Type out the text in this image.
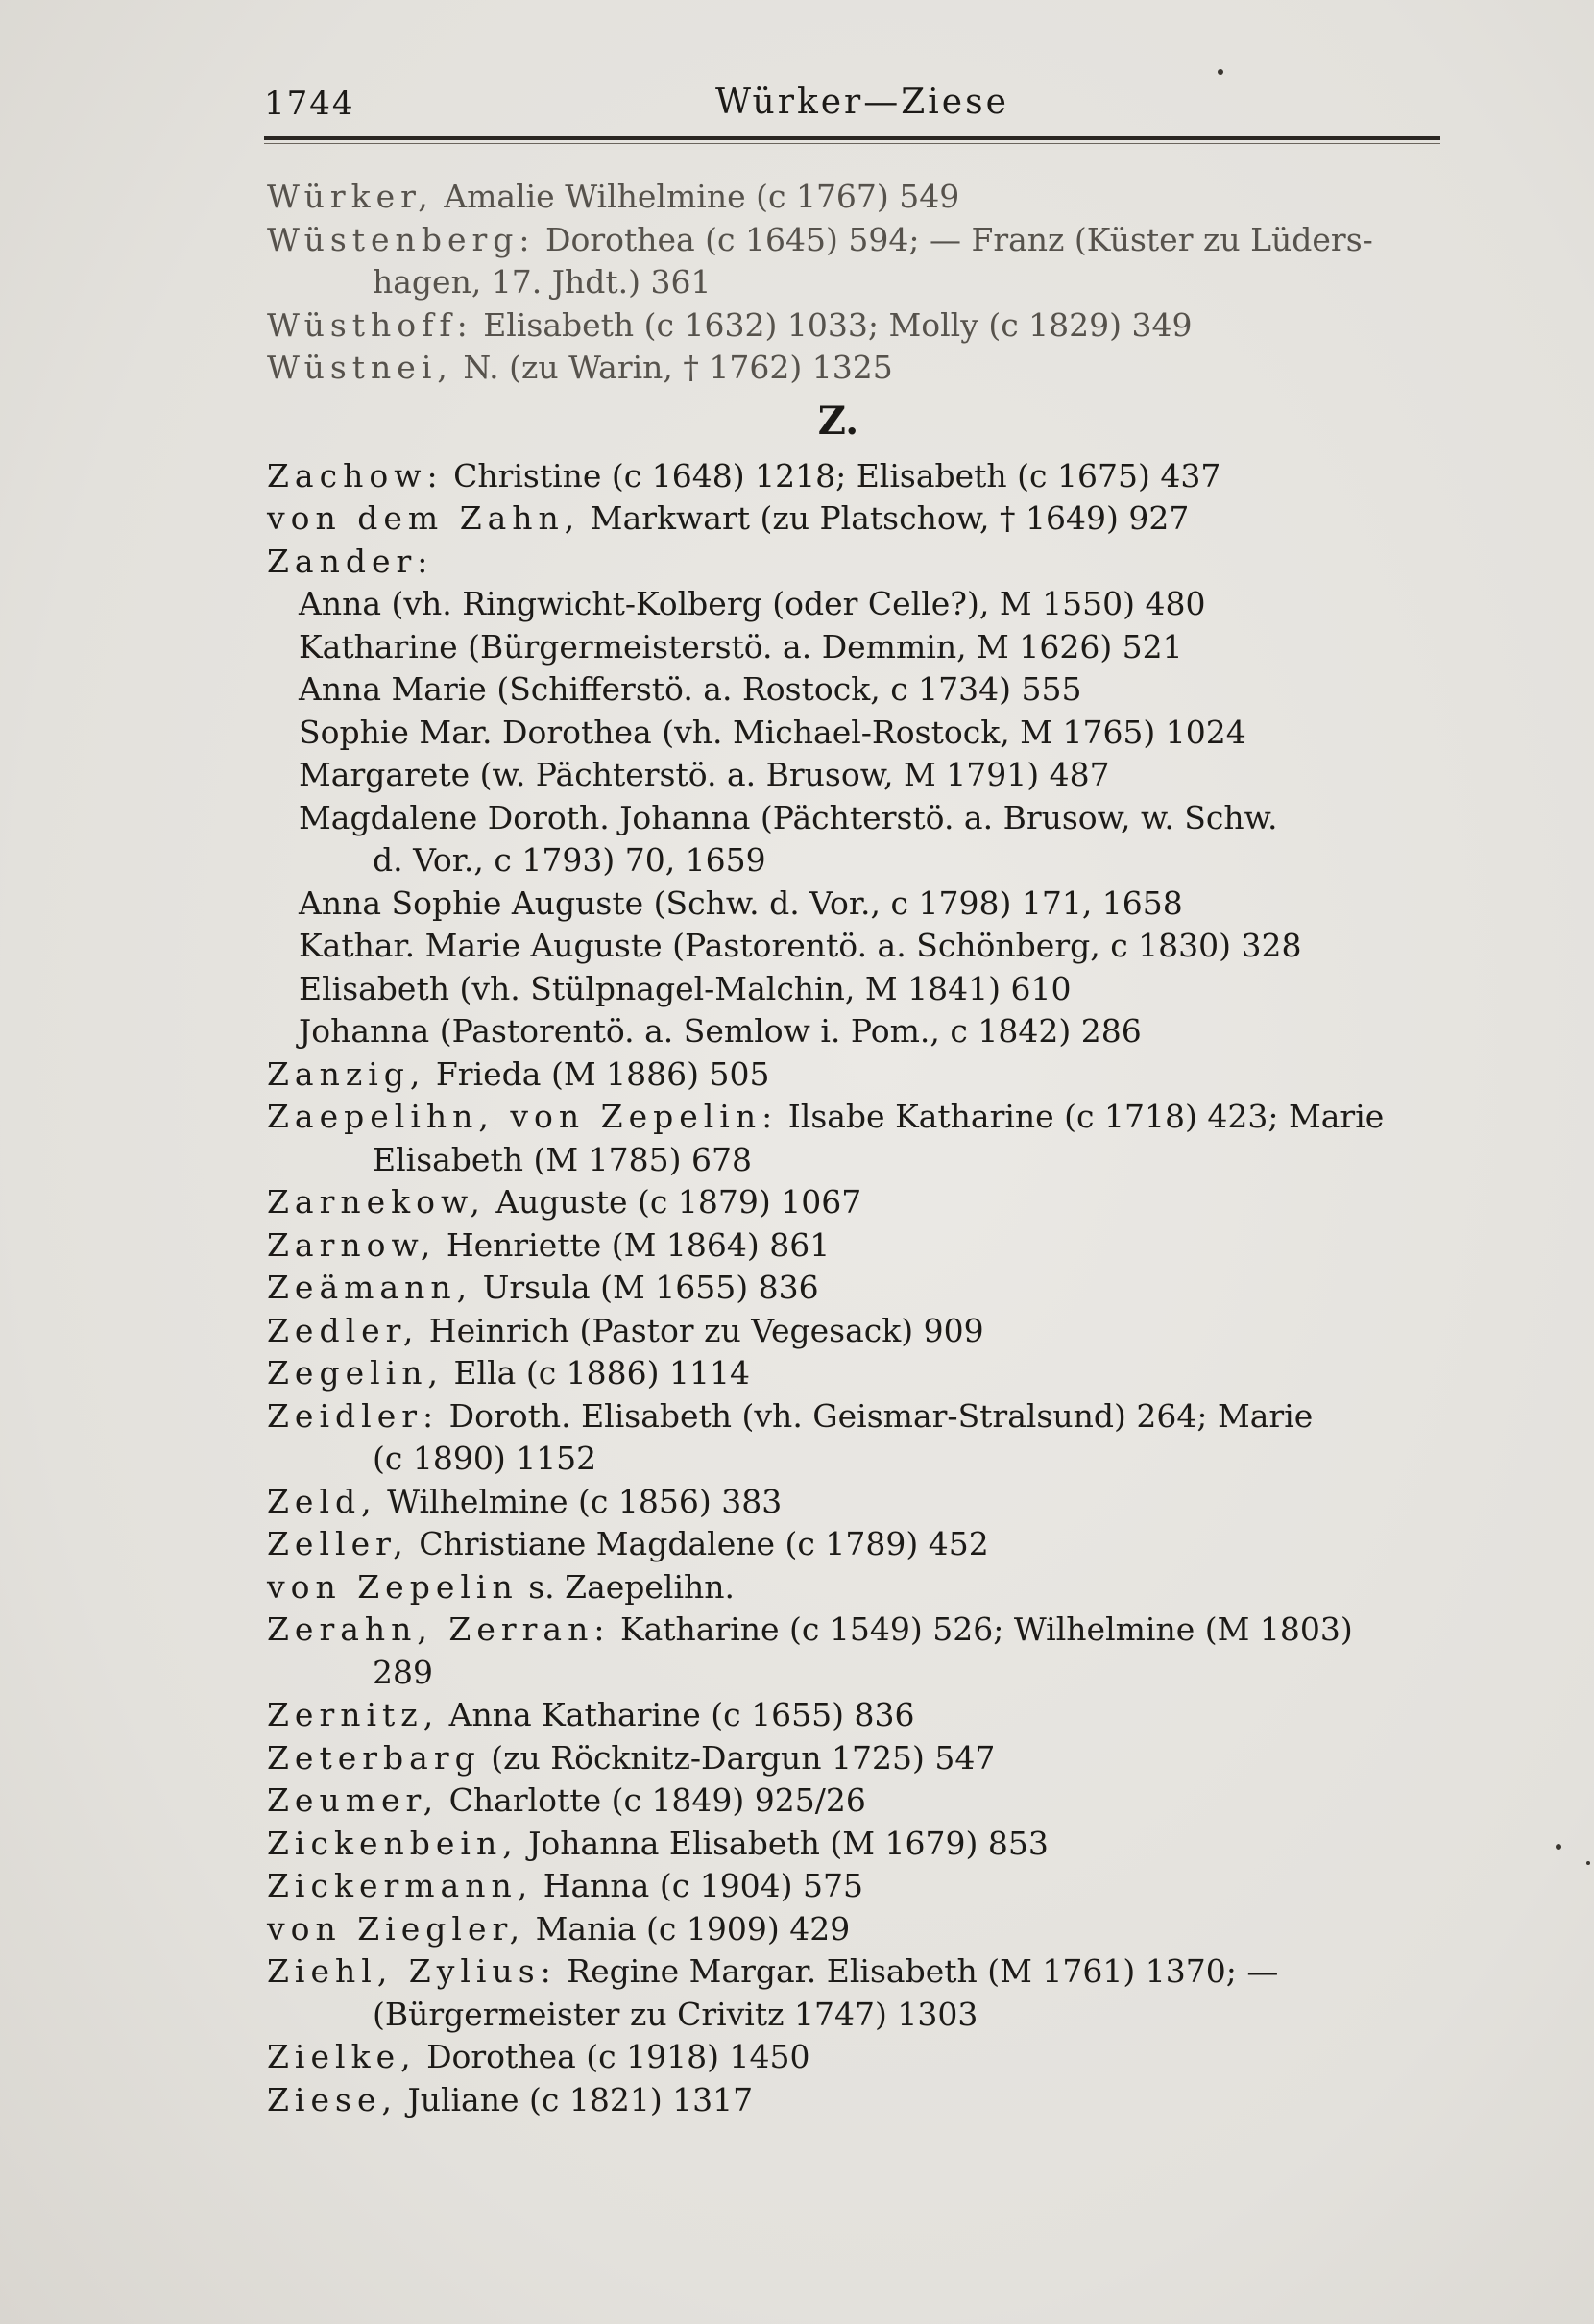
1744	Würker—Ziese
Würker, Amalie Wilhelmine (c 1767) 549
Wüstenberg: Dorothea (c 1645) 594; — Franz (Küster zu Lüders-
hagen, 17. Jhdt.) 361
Wüsthoff: Elisabeth (c 1632) 1033; Molly (c 1829) 349
Wüstnei, N. (zu Warin, † 1762) 1325
Z.
Zachow: Christine (c 1648) 1218; Elisabeth (c 1675) 437
von dem Zahn, Markwart (zu Platschow, † 1649) 927
Zander:
Anna (vh. Ringwicht-Kolberg (oder Celle?), M 1550) 480
Katharine (Bürgermeisterstö. a. Demmin, M 1626) 521
Anna Marie (Schifferstö. a. Rostock, c 1734) 555
Sophie Mar. Dorothea (vh. Michael-Rostock, M 1765) 1024
Margarete (w. Pächterstö. a. Brusow, M 1791) 487
Magdalene Doroth. Johanna (Pächterstö. a. Brusow, w. Schw.
d. Vor., c 1793) 70, 1659
Anna Sophie Auguste (Schw. d. Vor., c 1798) 171, 1658
Kathar. Marie Auguste (Pastorentö. a. Schönberg, c 1830) 328
Elisabeth (vh. Stülpnagel-Malchin, M 1841) 610
Johanna (Pastorentö. a. Semlow i. Pom., c 1842) 286
Zanzig, Frieda (M 1886) 505
Zaepelihn, von Zepelin: Ilsabe Katharine (c 1718) 423; Marie
Elisabeth (M 1785) 678
Zarnekow, Auguste (c 1879) 1067
Zarnow, Henriette (M 1864) 861
Zeämann, Ursula (M 1655) 836
Zedler, Heinrich (Pastor zu Vegesack) 909
Zegelin, Ella (c 1886) 1114
Zeidler: Doroth. Elisabeth (vh. Geismar-Stralsund) 264; Marie
(c 1890) 1152
Zeld, Wilhelmine (c 1856) 383
Zeller, Christiane Magdalene (c 1789) 452
von Zepelin s. Zaepelihn.
Zerahn, Zerran: Katharine (c 1549) 526; Wilhelmine (M 1803)
289
Zernitz, Anna Katharine (c 1655) 836
Zeterbarg (zu Röcknitz-Dargun 1725) 547
Zeumer, Charlotte (c 1849) 925/26
Zickenbein, Johanna Elisabeth (M 1679) 853
Zickermann, Hanna (c 1904) 575
von Ziegler, Mania (c 1909) 429
Ziehl, Zylius: Regine Margar. Elisabeth (M 1761) 1370; —
(Bürgermeister zu Crivitz 1747) 1303
Zielke, Dorothea (c 1918) 1450
Ziese, Juliane (c 1821) 1317
